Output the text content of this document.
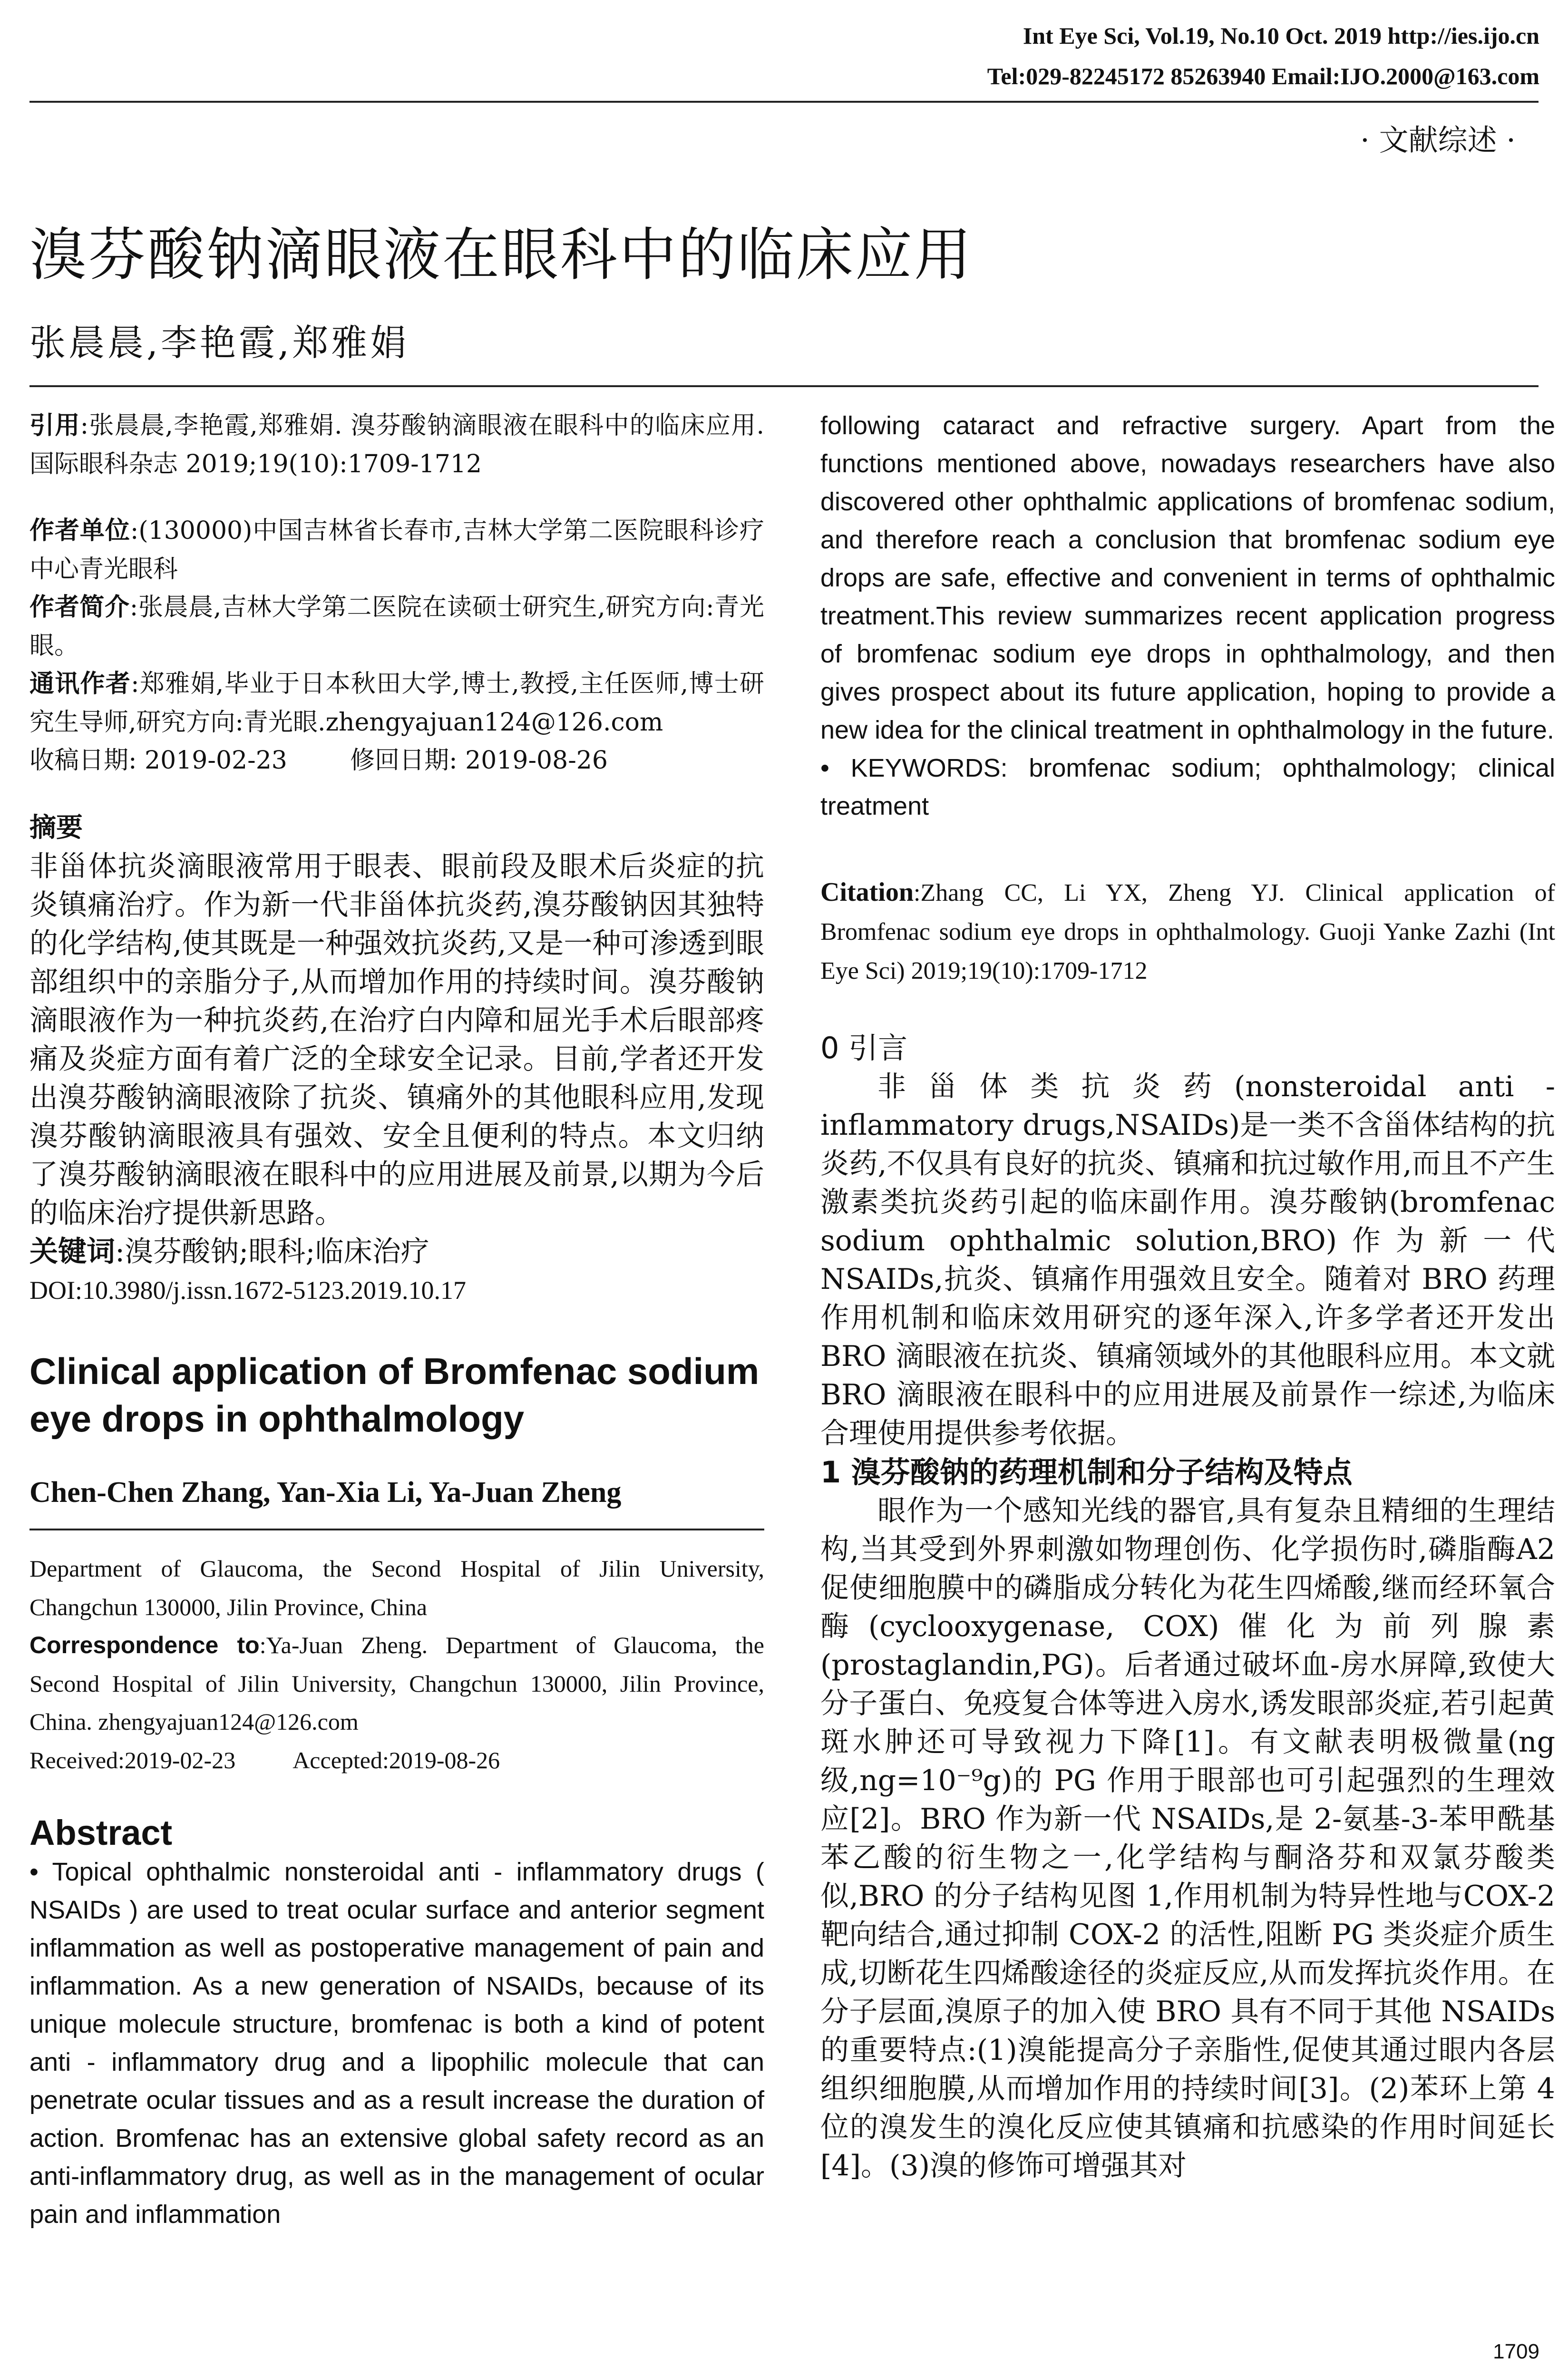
Int Eye Sci, Vol.19, No.10 Oct. 2019 http://ies.ijo.cn
Tel:029-82245172 85263940 Email:IJO.2000@163.com
· 文献综述 ·
溴芬酸钠滴眼液在眼科中的临床应用
张晨晨,李艳霞,郑雅娟

引用:张晨晨,李艳霞,郑雅娟. 溴芬酸钠滴眼液在眼科中的临床应用. 国际眼科杂志 2019;19(10):1709-1712

作者单位:(130000)中国吉林省长春市,吉林大学第二医院眼科诊疗中心青光眼科

作者简介:张晨晨,吉林大学第二医院在读硕士研究生,研究方向:青光眼。

通讯作者:郑雅娟,毕业于日本秋田大学,博士,教授,主任医师,博士研究生导师,研究方向:青光眼.zhengyajuan124@126.com

收稿日期: 2019-02-23        修回日期: 2019-08-26

摘要

非甾体抗炎滴眼液常用于眼表、眼前段及眼术后炎症的抗炎镇痛治疗。作为新一代非甾体抗炎药,溴芬酸钠因其独特的化学结构,使其既是一种强效抗炎药,又是一种可渗透到眼部组织中的亲脂分子,从而增加作用的持续时间。溴芬酸钠滴眼液作为一种抗炎药,在治疗白内障和屈光手术后眼部疼痛及炎症方面有着广泛的全球安全记录。目前,学者还开发出溴芬酸钠滴眼液除了抗炎、镇痛外的其他眼科应用,发现溴芬酸钠滴眼液具有强效、安全且便利的特点。本文归纳了溴芬酸钠滴眼液在眼科中的应用进展及前景,以期为今后的临床治疗提供新思路。

关键词:溴芬酸钠;眼科;临床治疗

DOI:10.3980/j.issn.1672-5123.2019.10.17

Clinical application of Bromfenac sodium eye drops in ophthalmology

Chen-Chen Zhang, Yan-Xia Li, Ya-Juan Zheng

Department of Glaucoma, the Second Hospital of Jilin University, Changchun 130000, Jilin Province, China

Correspondence to:Ya-Juan Zheng. Department of Glaucoma, the Second Hospital of Jilin University, Changchun 130000, Jilin Province, China. zhengyajuan124@126.com

Received:2019-02-23 Accepted:2019-08-26

Abstract

• Topical ophthalmic nonsteroidal anti - inflammatory drugs ( NSAIDs ) are used to treat ocular surface and anterior segment inflammation as well as postoperative management of pain and inflammation. As a new generation of NSAIDs, because of its unique molecule structure, bromfenac is both a kind of potent anti - inflammatory drug and a lipophilic molecule that can penetrate ocular tissues and as a result increase the duration of action. Bromfenac has an extensive global safety record as an anti-inflammatory drug, as well as in the management of ocular pain and inflammation

following cataract and refractive surgery. Apart from the functions mentioned above, nowadays researchers have also discovered other ophthalmic applications of bromfenac sodium, and therefore reach a conclusion that bromfenac sodium eye drops are safe, effective and convenient in terms of ophthalmic treatment.This review summarizes recent application progress of bromfenac sodium eye drops in ophthalmology, and then gives prospect about its future application, hoping to provide a new idea for the clinical treatment in ophthalmology in the future.

• KEYWORDS: bromfenac sodium; ophthalmology; clinical treatment

Citation:Zhang CC, Li YX, Zheng YJ. Clinical application of Bromfenac sodium eye drops in ophthalmology. Guoji Yanke Zazhi (Int Eye Sci) 2019;19(10):1709-1712

0 引言

非甾体类抗炎药(nonsteroidal anti - inflammatory drugs,NSAIDs)是一类不含甾体结构的抗炎药,不仅具有良好的抗炎、镇痛和抗过敏作用,而且不产生激素类抗炎药引起的临床副作用。溴芬酸钠(bromfenac sodium ophthalmic solution,BRO)作为新一代 NSAIDs,抗炎、镇痛作用强效且安全。随着对 BRO 药理作用机制和临床效用研究的逐年深入,许多学者还开发出 BRO 滴眼液在抗炎、镇痛领域外的其他眼科应用。本文就 BRO 滴眼液在眼科中的应用进展及前景作一综述,为临床合理使用提供参考依据。

1 溴芬酸钠的药理机制和分子结构及特点

眼作为一个感知光线的器官,具有复杂且精细的生理结构,当其受到外界刺激如物理创伤、化学损伤时,磷脂酶A2 促使细胞膜中的磷脂成分转化为花生四烯酸,继而经环氧合酶(cyclooxygenase, COX)催化为前列腺素(prostaglandin,PG)。后者通过破坏血-房水屏障,致使大分子蛋白、免疫复合体等进入房水,诱发眼部炎症,若引起黄斑水肿还可导致视力下降[1]。有文献表明极微量(ng级,ng=10⁻⁹g)的 PG 作用于眼部也可引起强烈的生理效应[2]。BRO 作为新一代 NSAIDs,是 2-氨基-3-苯甲酰基苯乙酸的衍生物之一,化学结构与酮洛芬和双氯芬酸类似,BRO 的分子结构见图 1,作用机制为特异性地与COX-2靶向结合,通过抑制 COX-2 的活性,阻断 PG 类炎症介质生成,切断花生四烯酸途径的炎症反应,从而发挥抗炎作用。在分子层面,溴原子的加入使 BRO 具有不同于其他 NSAIDs 的重要特点:(1)溴能提高分子亲脂性,促使其通过眼内各层组织细胞膜,从而增加作用的持续时间[3]。(2)苯环上第 4 位的溴发生的溴化反应使其镇痛和抗感染的作用时间延长[4]。(3)溴的修饰可增强其对

1709
